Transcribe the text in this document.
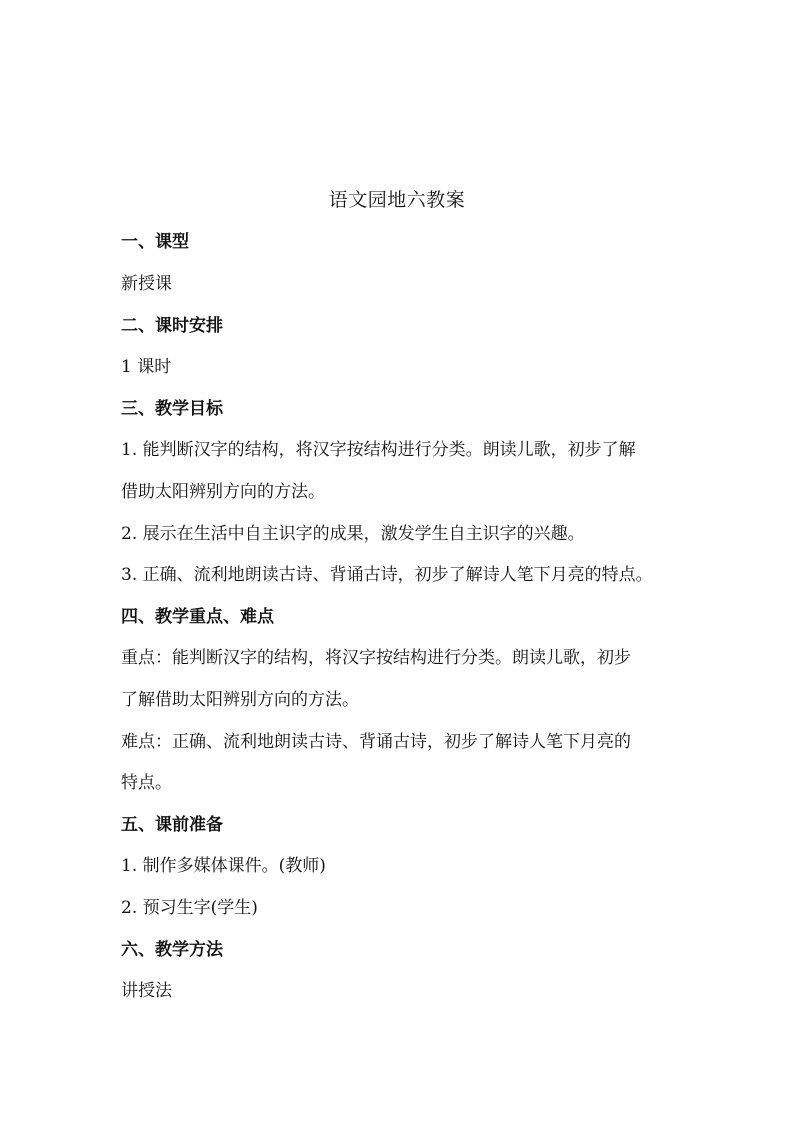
语文园地六教案
一、课型
新授课
二、课时安排
1 课时
三、教学目标
1. 能判断汉字的结构，将汉字按结构进行分类。朗读儿歌，初步了解
借助太阳辨别方向的方法。
2. 展示在生活中自主识字的成果，激发学生自主识字的兴趣。
3. 正确、流利地朗读古诗、背诵古诗，初步了解诗人笔下月亮的特点。
四、教学重点、难点
重点：能判断汉字的结构，将汉字按结构进行分类。朗读儿歌，初步
了解借助太阳辨别方向的方法。
难点：正确、流利地朗读古诗、背诵古诗，初步了解诗人笔下月亮的
特点。
五、课前准备
1. 制作多媒体课件。(教师)
2. 预习生字(学生)
六、教学方法
讲授法
